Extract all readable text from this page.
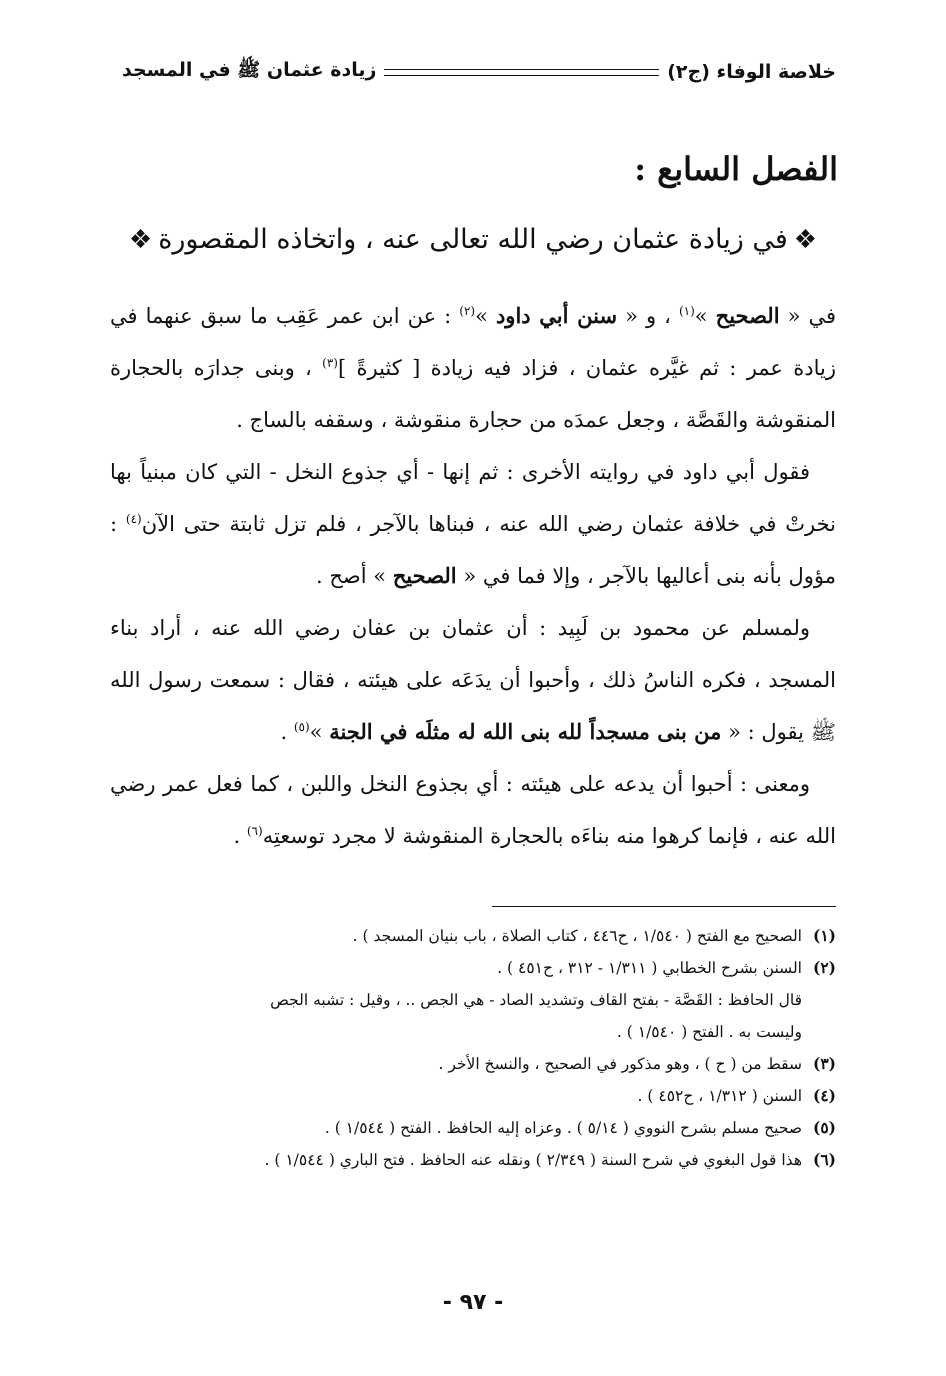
خلاصة الوفاء (ج٢)
زيادة عثمان ﷺ في المسجد
الفصل السابع :
❖
في زيادة عثمان رضي الله تعالى عنه ، واتخاذه المقصورة
❖

في « الصحيح »$^{(١)}$ ، و « سنن أبي داود »$^{(٢)}$ : عن ابن عمر عَقِب ما سبق عنهما في زيادة عمر : ثم غيَّره عثمان ، فزاد فيه زيادة [ كثيرةً ]$^{(٣)}$ ، وبنى جدارَه بالحجارة المنقوشة والقَصَّة ، وجعل عمدَه من حجارة منقوشة ، وسقفه بالساج .

فقول أبي داود في روايته الأخرى : ثم إنها - أي جذوع النخل - التي كان مبنياً بها نخرتْ في خلافة عثمان رضي الله عنه ، فبناها بالآجر ، فلم تزل ثابتة حتى الآن$^{(٤)}$ : مؤول بأنه بنى أعاليها بالآجر ، وإلا فما في « الصحيح » أصح .

ولمسلم عن محمود بن لَبِيد : أن عثمان بن عفان رضي الله عنه ، أراد بناء المسجد ، فكره الناسُ ذلك ، وأحبوا أن يدَعَه على هيئته ، فقال : سمعت رسول الله ﷺ يقول : « من بنى مسجداً لله بنى الله له مثلَه في الجنة »$^{(٥)}$ .

ومعنى : أحبوا أن يدعه على هيئته : أي بجذوع النخل واللبن ، كما فعل عمر رضي الله عنه ، فإنما كرهوا منه بناءَه بالحجارة المنقوشة لا مجرد توسعتِه$^{(٦)}$ .

(١)
الصحيح مع الفتح ( ١/٥٤٠ ، ح٤٤٦ ، كتاب الصلاة ، باب بنيان المسجد ) .
(٢)
السنن بشرح الخطابي ( ١/٣١١ - ٣١٢ ، ح٤٥١ ) .
قال الحافظ : القَصَّة - بفتح القاف وتشديد الصاد - هي الجص .. ، وقيل : تشبه الجص
وليست به . الفتح ( ١/٥٤٠ ) .
(٣)
سقط من ( ح ) ، وهو مذكور في الصحيح ، والنسخ الأخر .
(٤)
السنن ( ١/٣١٢ ، ح٤٥٢ ) .
(٥)
صحيح مسلم بشرح النووي ( ٥/١٤ ) . وعزاه إليه الحافظ . الفتح ( ١/٥٤٤ ) .
(٦)
هذا قول البغوي في شرح السنة ( ٢/٣٤٩ ) ونقله عنه الحافظ . فتح الباري ( ١/٥٤٤ ) .
- ٩٧ -
